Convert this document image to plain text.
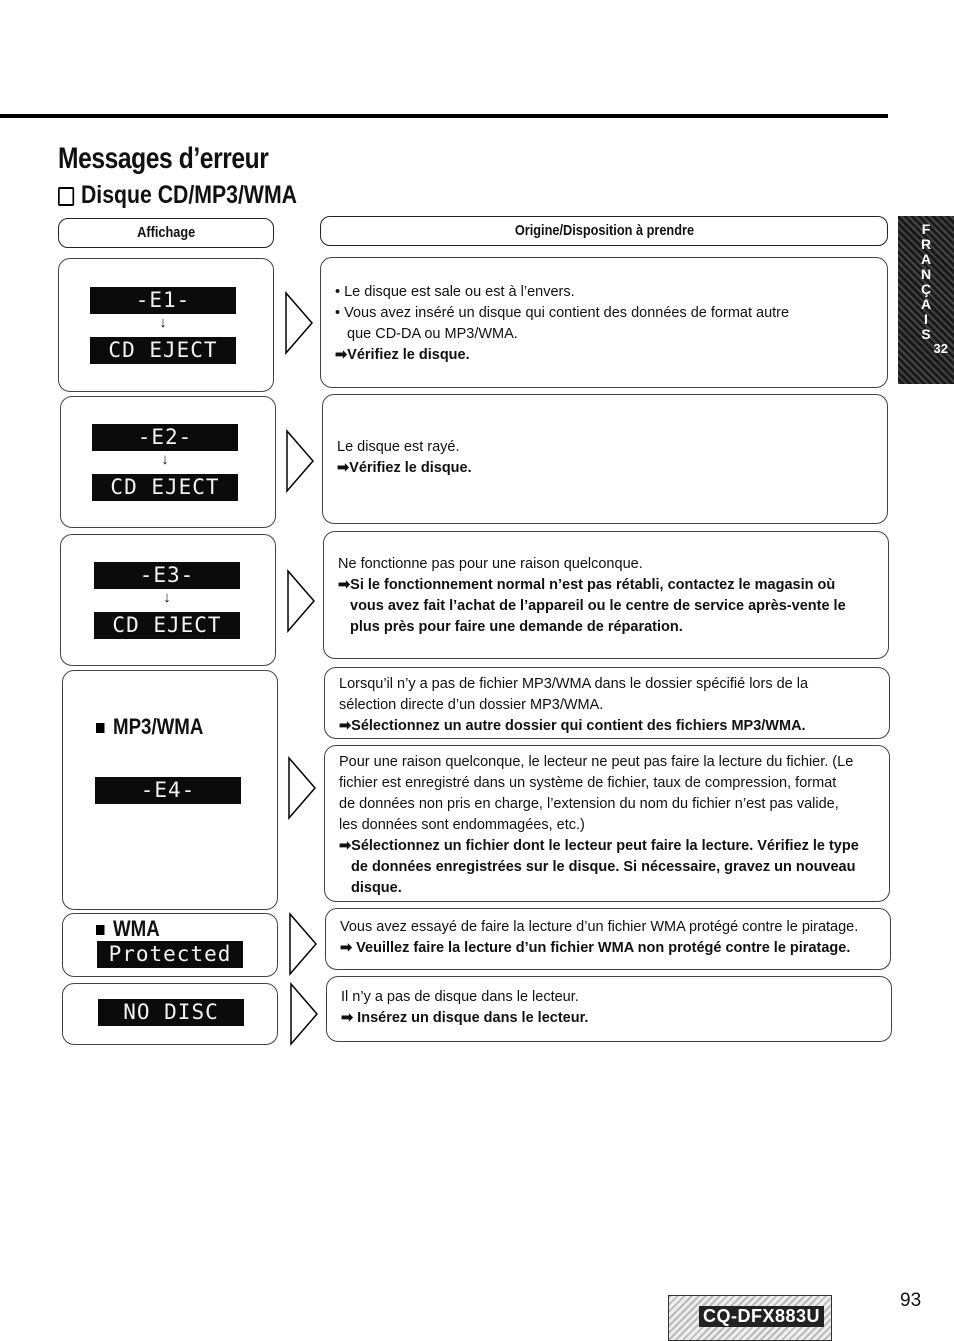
Messages d’erreur
Disque CD/MP3/WMA
Affichage	Origine/Disposition à prendre	F
R
A
N
Ç
A
I
S
32
-E1-
↓
CD EJECT

• Le disque est sale ou est à l’envers.

• Vous avez inséré un disque qui contient des données de format autre

que CD-DA ou MP3/WMA.

➡Vérifiez le disque.

-E2-
↓
CD EJECT

Le disque est rayé.

➡Vérifiez le disque.

-E3-
↓
CD EJECT

Ne fonctionne pas pour une raison quelconque.

➡Si le fonctionnement normal n’est pas rétabli, contactez le magasin où

vous avez fait l’achat de l’appareil ou le centre de service après-vente le

plus près pour faire une demande de réparation.

MP3/WMA
-E4-

Lorsqu’il n’y a pas de fichier MP3/WMA dans le dossier spécifié lors de la

sélection directe d’un dossier MP3/WMA.

➡Sélectionnez un autre dossier qui contient des fichiers MP3/WMA.

Pour une raison quelconque, le lecteur ne peut pas faire la lecture du fichier. (Le

fichier est enregistré dans un système de fichier, taux de compression, format

de données non pris en charge, l’extension du nom du fichier n’est pas valide,

les données sont endommagées, etc.)

➡Sélectionnez un fichier dont le lecteur peut faire la lecture. Vérifiez le type

de données enregistrées sur le disque. Si nécessaire, gravez un nouveau

disque.

WMA
Protected

Vous avez essayé de faire la lecture d’un fichier WMA protégé contre le piratage.

➡ Veuillez faire la lecture d’un fichier WMA non protégé contre le piratage.

NO DISC

Il n’y a pas de disque dans le lecteur.

➡ Insérez un disque dans le lecteur.

CQ-DFX883U
93
